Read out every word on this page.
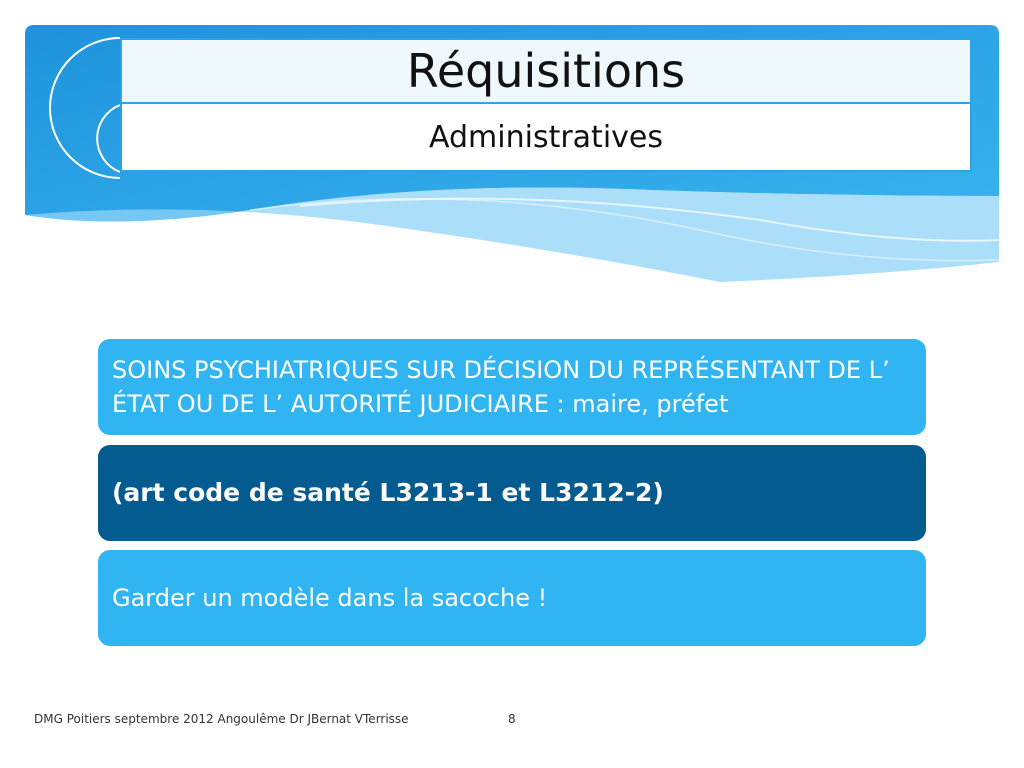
Réquisitions
Administratives
SOINS PSYCHIATRIQUES SUR DÉCISION DU REPRÉSENTANT DE L’ ÉTAT OU DE L’ AUTORITÉ JUDICIAIRE : maire, préfet
(art code de santé L3213-1 et L3212-2)
Garder un modèle dans la sacoche !
DMG Poitiers septembre 2012 Angoulême Dr JBernat VTerrisse	8
